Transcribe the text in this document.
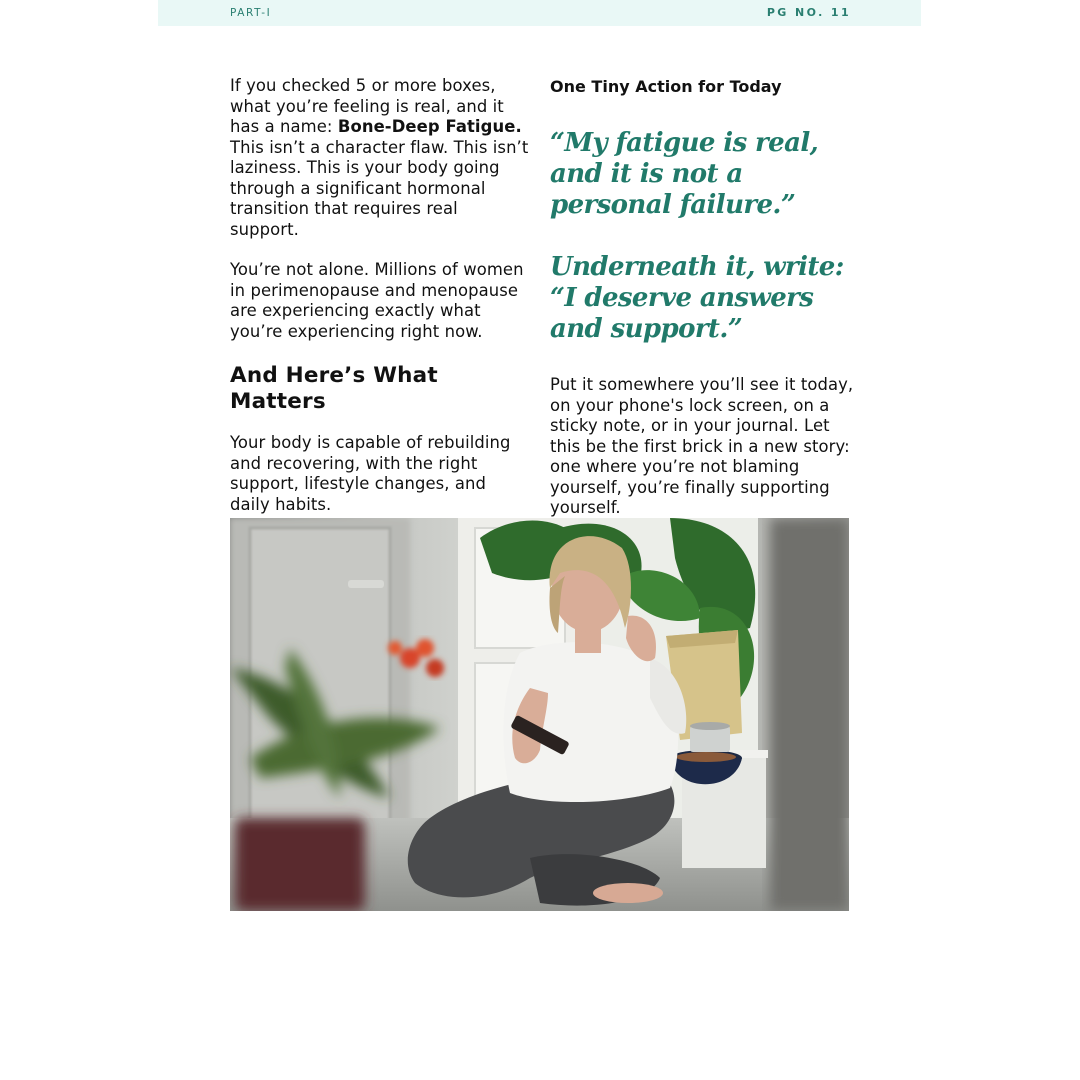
PART-I	PG NO. 11

If you checked 5 or more boxes, what you’re feeling is real, and it has a name: Bone-Deep Fatigue. This isn’t a character flaw. This isn’t laziness. This is your body going through a significant hormonal transition that requires real support.

You’re not alone. Millions of women in perimenopause and menopause are experiencing exactly what you’re experiencing right now.

And Here’s What Matters

Your body is capable of rebuilding and recovering, with the right support, lifestyle changes, and daily habits.

One Tiny Action for Today

“My fatigue is real, and it is not a personal failure.”

Underneath it, write:

“I deserve answers and support.”

Put it somewhere you’ll see it today, on your phone's lock screen, on a sticky note, or in your journal. Let this be the first brick in a new story: one where you’re not blaming yourself, you’re finally supporting yourself.
